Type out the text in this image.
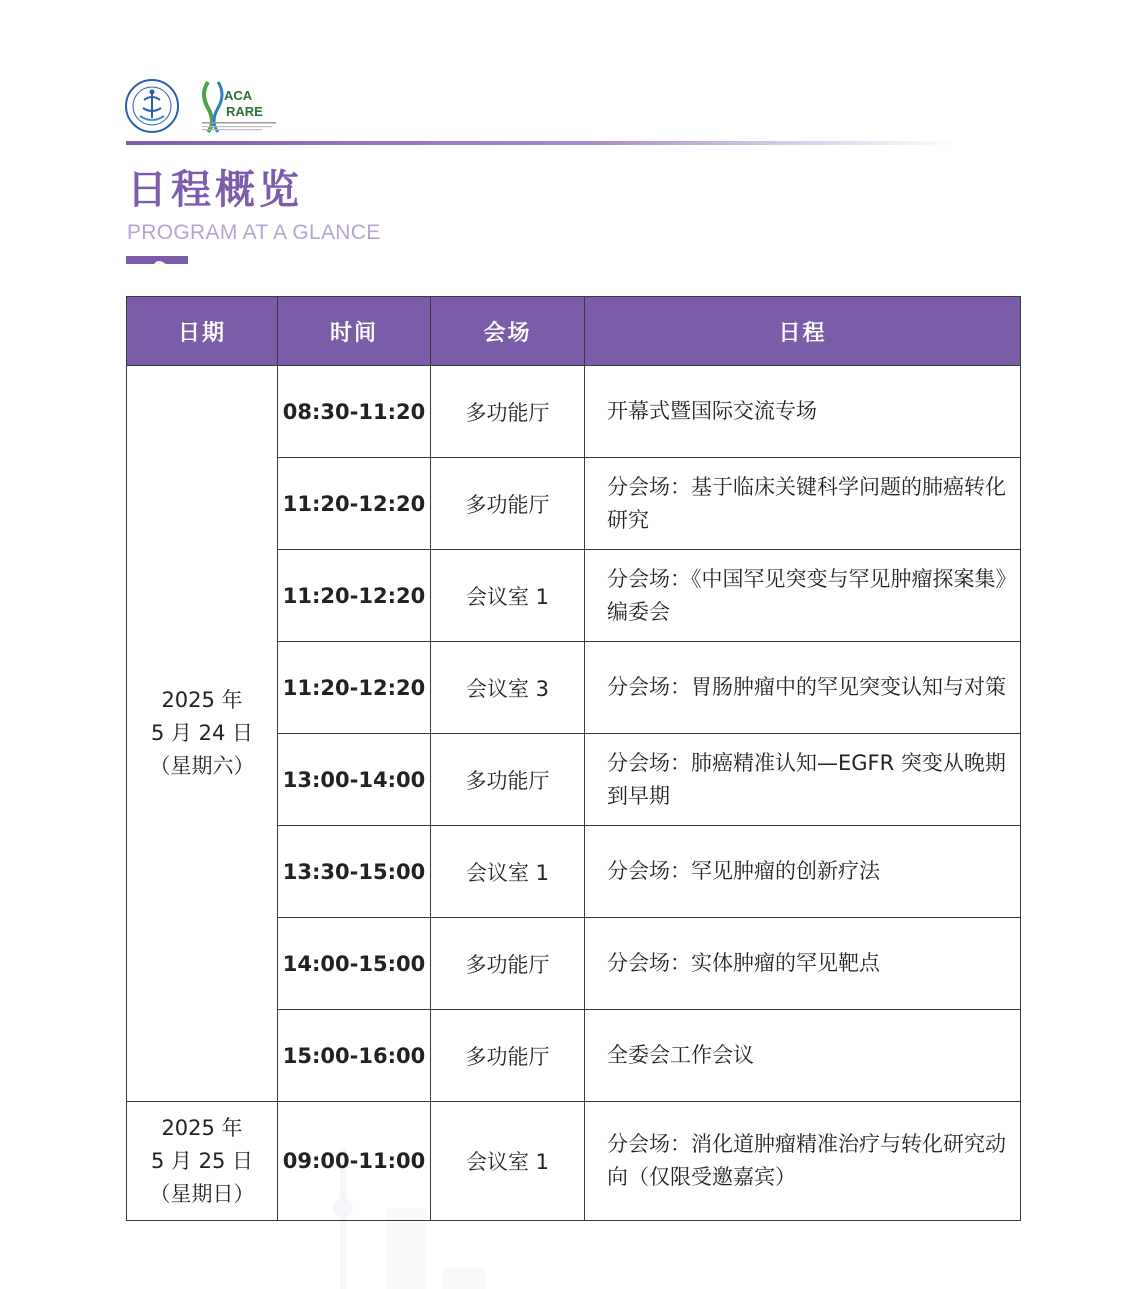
ACA
RARE
日程概览
PROGRAM AT A GLANCE
日期	时间	会场	日程

2025 年
5 月 24 日
（星期六）	08:30-11:20	多功能厅	开幕式暨国际交流专场
	11:20-12:20	多功能厅	分会场：基于临床关键科学问题的肺癌转化研究
	11:20-12:20	会议室 1	分会场：《中国罕见突变与罕见肿瘤探案集》编委会
	11:20-12:20	会议室 3	分会场：胃肠肿瘤中的罕见突变认知与对策
	13:00-14:00	多功能厅	分会场：肺癌精准认知—EGFR 突变从晚期到早期
	13:30-15:00	会议室 1	分会场：罕见肿瘤的创新疗法
	14:00-15:00	多功能厅	分会场：实体肿瘤的罕见靶点
	15:00-16:00	多功能厅	全委会工作会议

2025 年
5 月 25 日
（星期日）	09:00-11:00	会议室 1	分会场：消化道肿瘤精准治疗与转化研究动向（仅限受邀嘉宾）
